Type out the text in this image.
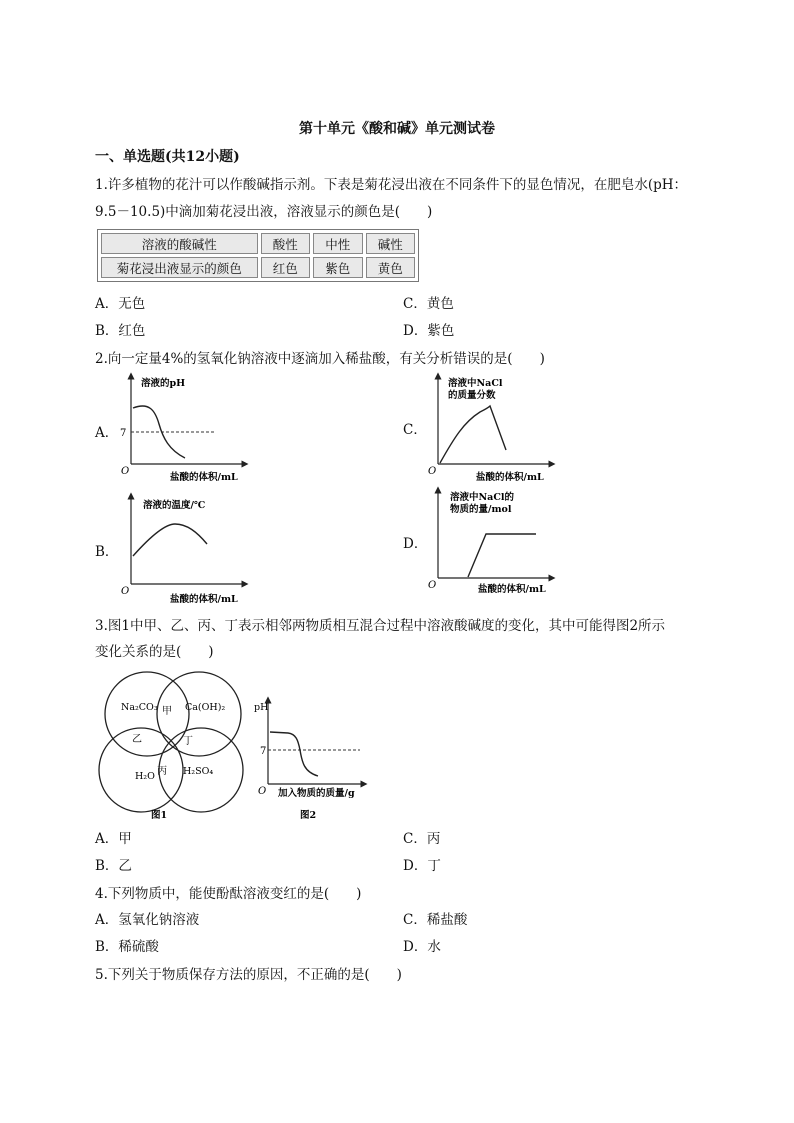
第十单元《酸和碱》单元测试卷
一、单选题(共12小题)
1.许多植物的花汁可以作酸碱指示剂。下表是菊花浸出液在不同条件下的显色情况，在肥皂水(pH：
9.5－10.5)中滴加菊花浸出液，溶液显示的颜色是(　　)
溶液的酸碱性	酸性	中性	碱性
菊花浸出液显示的颜色	红色	紫色	黄色
A．无色	C．黄色
B．红色	D．紫色
2.向一定量4%的氢氧化钠溶液中逐滴加入稀盐酸，有关分析错误的是(　　)
A．	C．
B．	D．
溶液的pH
7
O
盐酸的体积/mL
溶液中NaCl
的质量分数
O
盐酸的体积/mL
溶液的温度/℃
O
盐酸的体积/mL
溶液中NaCl的
物质的量/mol
O	盐酸的体积/mL
3.图1中甲、乙、丙、丁表示相邻两物质相互混合过程中溶液酸碱度的变化，其中可能得图2所示
变化关系的是(　　)
Na₂CO₃	Ca(OH)₂
H₂O	H₂SO₄
甲
乙
丙
丁
图1
pH
7
O 加入物质的质量/g
图2
A．甲	C．丙
B．乙	D．丁
4.下列物质中，能使酚酞溶液变红的是(　　)
A．氢氧化钠溶液	C．稀盐酸
B．稀硫酸	D．水
5.下列关于物质保存方法的原因，不正确的是(　　)
